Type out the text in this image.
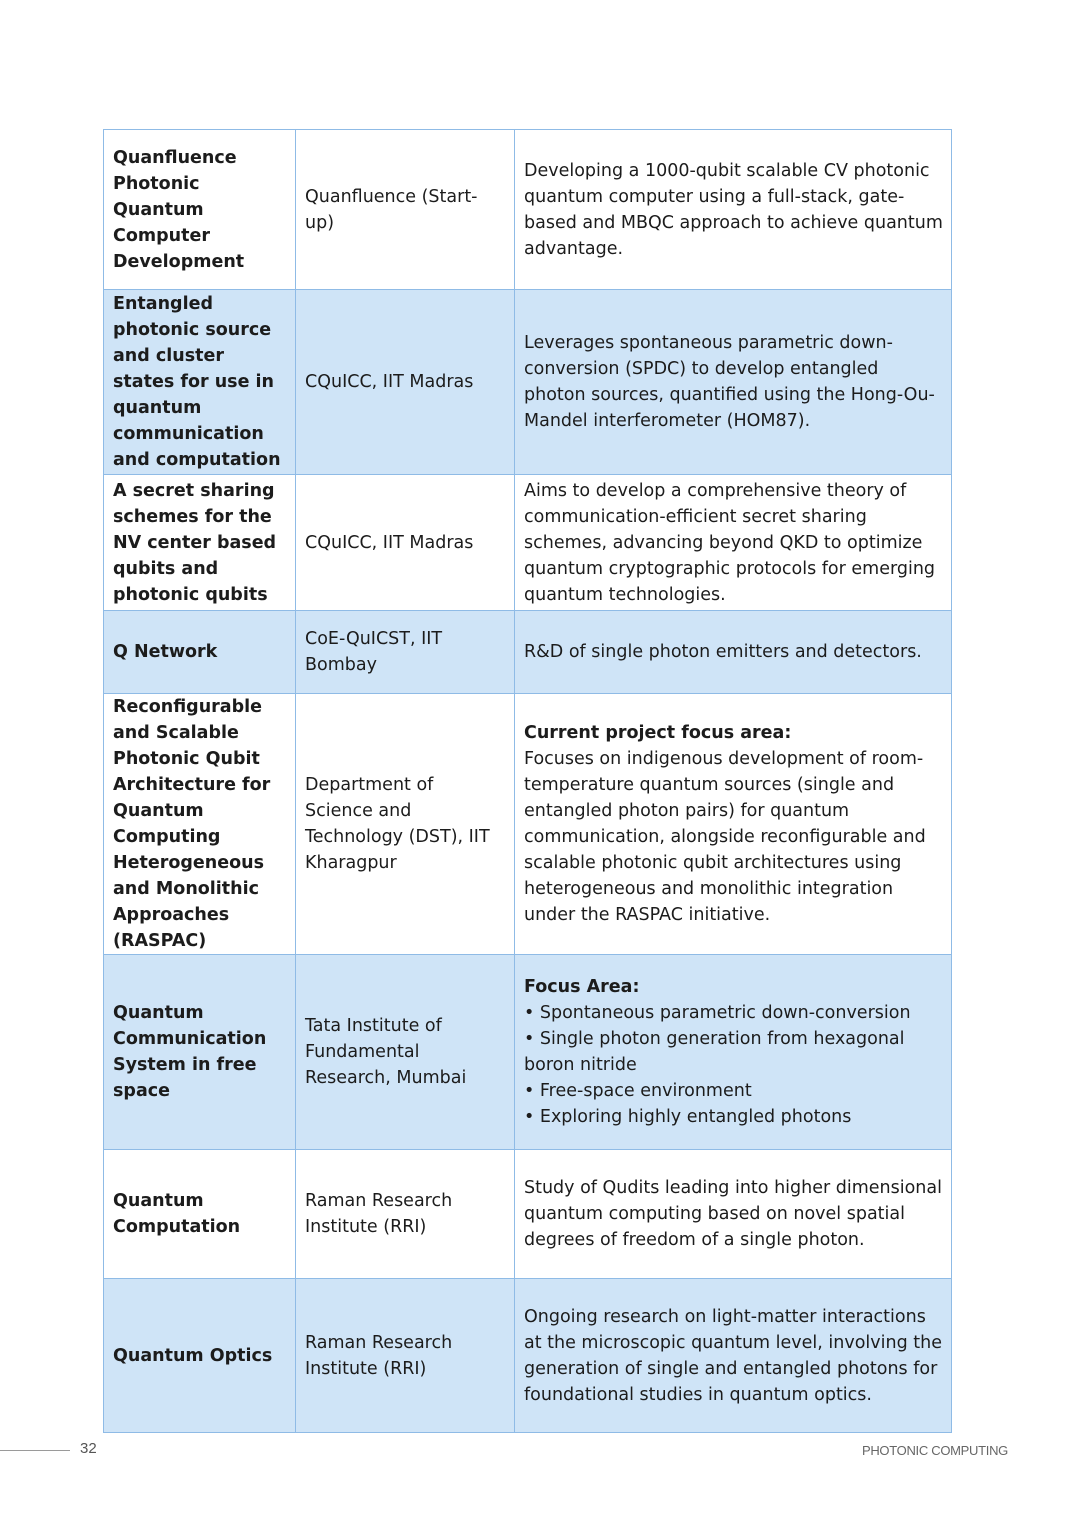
Quanfluence Photonic Quantum Computer Development	Quanfluence (Start-up)	Developing a 1000-qubit scalable CV photonic quantum computer using a full-stack, gate-based and MBQC approach to achieve quantum advantage.
Entangled photonic source and cluster states for use in quantum communication and computation	CQuICC, IIT Madras	Leverages spontaneous parametric down-conversion (SPDC) to develop entangled photon sources, quantified using the Hong-Ou-Mandel interferometer (HOM87).
A secret sharing schemes for the NV center based qubits and photonic qubits	CQuICC, IIT Madras	Aims to develop a comprehensive theory of communication-efficient secret sharing schemes, advancing beyond QKD to optimize quantum cryptographic protocols for emerging quantum technologies.
Q Network	CoE-QuICST, IIT Bombay	R&D of single photon emitters and detectors.
Reconfigurable and Scalable Photonic Qubit Architecture for Quantum Computing Heterogeneous and Monolithic Approaches (RASPAC)	Department of Science and Technology (DST), IIT Kharagpur	Current project focus area:
Focuses on indigenous development of room-temperature quantum sources (single and entangled photon pairs) for quantum communication, alongside reconfigurable and scalable photonic qubit architectures using heterogeneous and monolithic integration under the RASPAC initiative.

Quantum Communication System in free space	Tata Institute of Fundamental Research, Mumbai	Focus Area:
• Spontaneous parametric down-conversion
• Single photon generation from hexagonal boron nitride
• Free-space environment
• Exploring highly entangled photons

Quantum Computation	Raman Research Institute (RRI)	Study of Qudits leading into higher dimensional quantum computing based on novel spatial degrees of freedom of a single photon.
Quantum Optics	Raman Research Institute (RRI)	Ongoing research on light-matter interactions at the microscopic quantum level, involving the generation of single and entangled photons for foundational studies in quantum optics.
32	PHOTONIC COMPUTING
